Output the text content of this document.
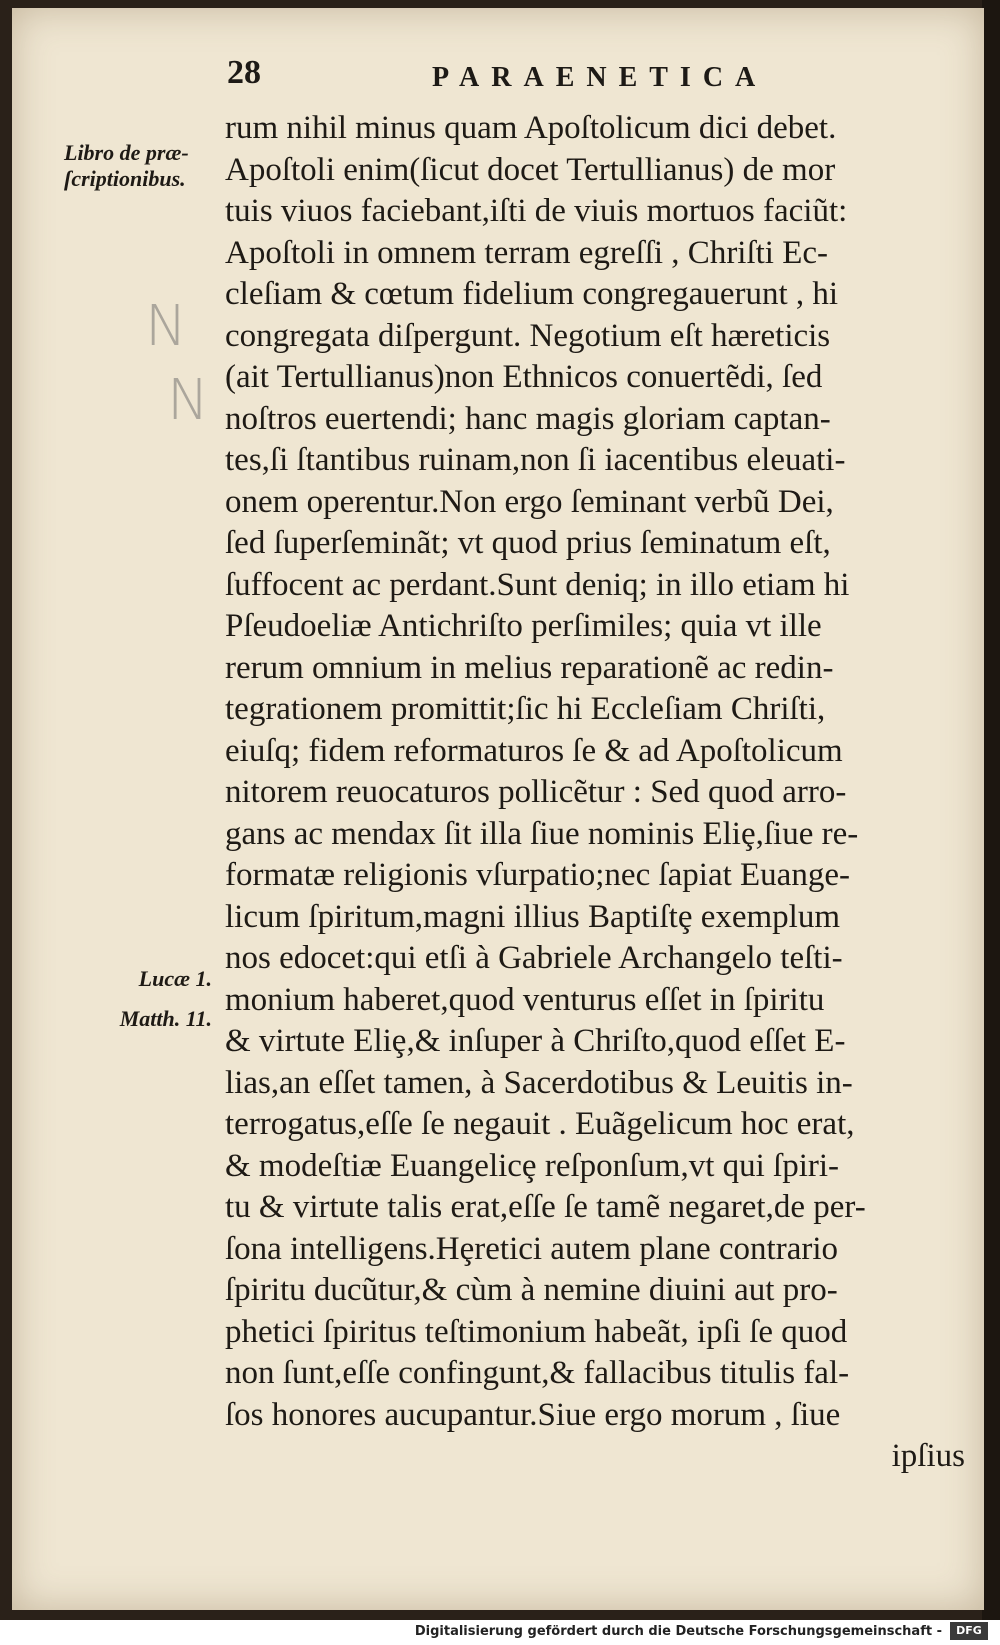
28	PARAENETICA
Libro de præ-
ſcriptionibus.
Lucæ 1.
Matth. 11.
N
N
rum nihil minus quam Apoſtolicum dici debet.
Apoſtoli enim(ſicut docet Tertullianus) de mor
tuis viuos faciebant,iſti de viuis mortuos faciũt:
Apoſtoli in omnem terram egreſſi , Chriſti Ec-
cleſiam & cœtum fidelium congregauerunt , hi
congregata diſpergunt. Negotium eſt hæreticis
(ait Tertullianus)non Ethnicos conuertẽdi, ſed
noſtros euertendi; hanc magis gloriam captan-
tes,ſi ſtantibus ruinam,non ſi iacentibus eleuati-
onem operentur.Non ergo ſeminant verbũ Dei,
ſed ſuperſeminãt; vt quod prius ſeminatum eſt,
ſuffocent ac perdant.Sunt deniq; in illo etiam hi
Pſeudoeliæ Antichriſto perſimiles; quia vt ille
rerum omnium in melius reparationẽ ac redin-
tegrationem promittit;ſic hi Eccleſiam Chriſti,
eiuſq; fidem reformaturos ſe & ad Apoſtolicum
nitorem reuocaturos pollicẽtur : Sed quod arro-
gans ac mendax ſit illa ſiue nominis Eliȩ,ſiue re-
formatæ religionis vſurpatio;nec ſapiat Euange-
licum ſpiritum,magni illius Baptiſtȩ exemplum
nos edocet:qui etſi à Gabriele Archangelo teſti-
monium haberet,quod venturus eſſet in ſpiritu
& virtute Eliȩ,& inſuper à Chriſto,quod eſſet E-
lias,an eſſet tamen, à Sacerdotibus & Leuitis in-
terrogatus,eſſe ſe negauit . Euãgelicum hoc erat,
& modeſtiæ Euangelicȩ reſponſum,vt qui ſpiri-
tu & virtute talis erat,eſſe ſe tamẽ negaret,de per-
ſona intelligens.Hȩretici autem plane contrario
ſpiritu ducũtur,& cùm à nemine diuini aut pro-
phetici ſpiritus teſtimonium habeãt, ipſi ſe quod
non ſunt,eſſe confingunt,& fallacibus titulis fal-
ſos honores aucupantur.Siue ergo morum , ſiue
ipſius
Digitalisierung gefördert durch die Deutsche Forschungsgemeinschaft -	DFG
